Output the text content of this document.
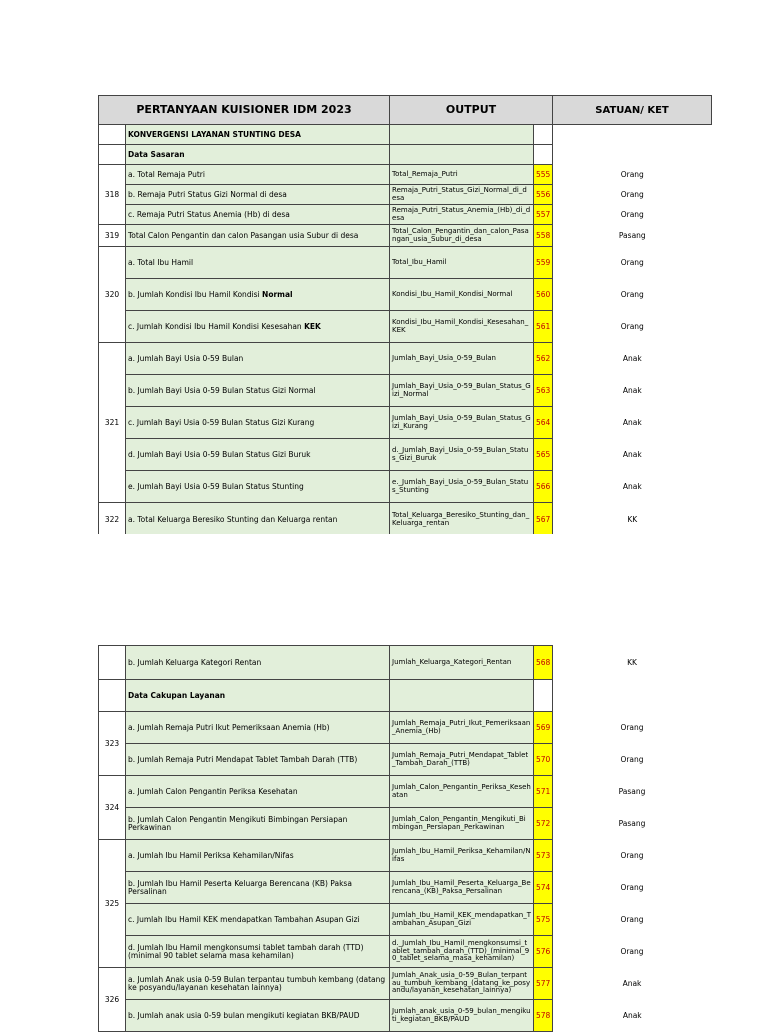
PERTANYAAN KUISIONER IDM 2023		OUTPUT		SATUAN/ KET
	KONVERGENSI LAYANAN STUNTING DESA			
	Data Sasaran			
318	a. Total Remaja Putri	Total_Remaja_Putri	555	Orang
	b. Remaja Putri Status Gizi Normal di desa	Remaja_Putri_Status_Gizi_Normal_di_desa	556	Orang
	c. Remaja Putri Status Anemia (Hb) di desa	Remaja_Putri_Status_Anemia_(Hb)_di_desa	557	Orang
319	Total Calon Pengantin dan calon Pasangan usia Subur di desa	Total_Calon_Pengantin_dan_calon_Pasangan_usia_Subur_di_desa	558	Pasang
320	a. Total Ibu Hamil	Total_Ibu_Hamil	559	Orang
	b. Jumlah Kondisi Ibu Hamil Kondisi Normal	Kondisi_Ibu_Hamil_Kondisi_Normal	560	Orang
	c. Jumlah Kondisi Ibu Hamil Kondisi Kesesahan KEK	Kondisi_Ibu_Hamil_Kondisi_Kesesahan_KEK	561	Orang
321	a. Jumlah Bayi Usia 0-59 Bulan	Jumlah_Bayi_Usia_0-59_Bulan	562	Anak
	b. Jumlah Bayi Usia 0-59 Bulan Status Gizi Normal	Jumlah_Bayi_Usia_0-59_Bulan_Status_Gizi_Normal	563	Anak
	c. Jumlah Bayi Usia 0-59 Bulan Status Gizi Kurang	Jumlah_Bayi_Usia_0-59_Bulan_Status_Gizi_Kurang	564	Anak
	d. Jumlah Bayi Usia 0-59 Bulan Status Gizi Buruk	d._Jumlah_Bayi_Usia_0-59_Bulan_Status_Gizi_Buruk	565	Anak
	e. Jumlah Bayi Usia 0-59 Bulan Status Stunting	e._Jumlah_Bayi_Usia_0-59_Bulan_Status_Stunting	566	Anak
322	a. Total Keluarga Beresiko Stunting dan Keluarga rentan	Total_Keluarga_Beresiko_Stunting_dan_Keluarga_rentan	567	KK
	b. Jumlah Keluarga Kategori Rentan	Jumlah_Keluarga_Kategori_Rentan	568	KK
	Data Cakupan Layanan			
323	a. Jumlah Remaja Putri Ikut Pemeriksaan Anemia (Hb)	Jumlah_Remaja_Putri_Ikut_Pemeriksaan_Anemia_(Hb)	569	Orang
	b. Jumlah Remaja Putri Mendapat Tablet Tambah Darah (TTB)	Jumlah_Remaja_Putri_Mendapat_Tablet_Tambah_Darah_(TTB)	570	Orang
324	a. Jumlah Calon Pengantin Periksa Kesehatan	Jumlah_Calon_Pengantin_Periksa_Kesehatan	571	Pasang
	b. Jumlah Calon Pengantin Mengikuti Bimbingan Persiapan Perkawinan	Jumlah_Calon_Pengantin_Mengikuti_Bimbingan_Persiapan_Perkawinan	572	Pasang
325	a. Jumlah Ibu Hamil Periksa Kehamilan/Nifas	Jumlah_Ibu_Hamil_Periksa_Kehamilan/Nifas	573	Orang
	b. Jumlah Ibu Hamil Peserta Keluarga Berencana (KB) Paksa Persalinan	Jumlah_Ibu_Hamil_Peserta_Keluarga_Berencana_(KB)_Paksa_Persalinan	574	Orang
	c. Jumlah Ibu Hamil KEK mendapatkan Tambahan Asupan Gizi	Jumlah_Ibu_Hamil_KEK_mendapatkan_Tambahan_Asupan_Gizi	575	Orang
	d. Jumlah Ibu Hamil mengkonsumsi tablet tambah darah (TTD) (minimal 90 tablet selama masa kehamilan)	d._Jumlah_Ibu_Hamil_mengkonsumsi_tablet_tambah_darah_(TTD)_(minimal_90_tablet_selama_masa_kehamilan)	576	Orang
326	a. Jumlah Anak usia 0-59 Bulan terpantau tumbuh kembang (datang ke posyandu/layanan kesehatan lainnya)	Jumlah_Anak_usia_0-59_Bulan_terpantau_tumbuh_kembang_(datang_ke_posyandu/layanan_kesehatan_lainnya)	577	Anak
	b. Jumlah anak usia 0-59 bulan mengikuti kegiatan BKB/PAUD	Jumlah_anak_usia_0-59_bulan_mengikuti_kegiatan_BKB/PAUD	578	Anak
